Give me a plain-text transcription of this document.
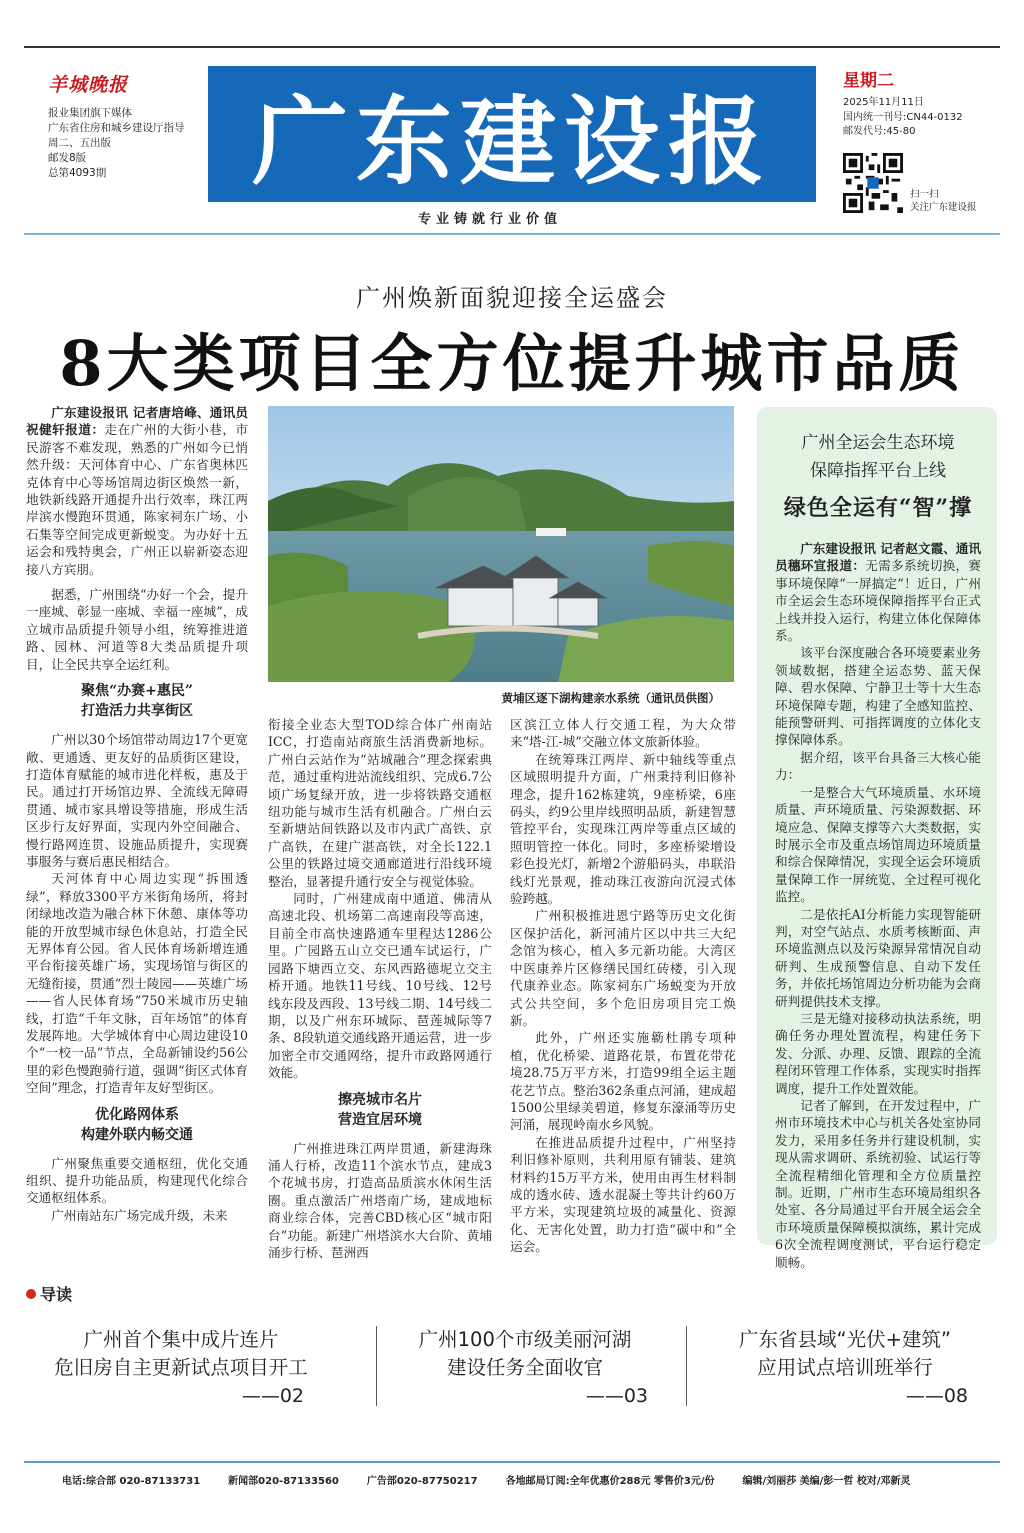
羊城晚报
报业集团旗下媒体
广东省住房和城乡建设厅指导
周二、五出版
邮发8版
总第4093期	广东建设报
专业铸就行业价值
星期二
2025年11月11日
国内统一刊号:CN44-0132
邮发代号:45-80
扫一扫
关注广东建设报
广州焕新面貌迎接全运盛会
8大类项目全方位提升城市品质

广东建设报讯 记者唐培峰、通讯员祝健轩报道：走在广州的大街小巷，市民游客不难发现，熟悉的广州如今已悄然升级：天河体育中心、广东省奥林匹克体育中心等场馆周边街区焕然一新，地铁新线路开通提升出行效率，珠江两岸滨水慢跑环贯通，陈家祠东广场、小石集等空间完成更新蜕变。为办好十五运会和残特奥会，广州正以崭新姿态迎接八方宾朋。

据悉，广州围绕“办好一个会，提升一座城、彰显一座城、幸福一座城”，成立城市品质提升领导小组，统筹推进道路、园林、河道等8大类品质提升项目，让全民共享全运红利。

聚焦“办赛+惠民”
打造活力共享街区

广州以30个场馆带动周边17个更宽敞、更通透、更友好的品质街区建设，打造体育赋能的城市进化样板，惠及于民。通过打开场馆边界、全流线无障碍贯通、城市家具增设等措施，形成生活区步行友好界面，实现内外空间融合、慢行路网连贯、设施品质提升，实现赛事服务与赛后惠民相结合。

天河体育中心周边实现“拆围透绿”，释放3300平方米街角场所，将封闭绿地改造为融合林下休憩、康体等功能的开放型城市绿色休息站，打造全民无界体育公园。省人民体育场新增连通平台衔接英雄广场，实现场馆与街区的无缝衔接，贯通“烈士陵园——英雄广场——省人民体育场”750米城市历史轴线，打造“千年文脉，百年场馆”的体育发展阵地。大学城体育中心周边建设10个“一校一品”节点，全岛新铺设约56公里的彩色慢跑骑行道，强调“街区式体育空间”理念，打造青年友好型街区。

优化路网体系
构建外联内畅交通

广州聚焦重要交通枢纽，优化交通组织、提升功能品质，构建现代化综合交通枢纽体系。

广州南站东广场完成升级，未来

黄埔区逐下湖构建亲水系统（通讯员供图）

衔接全业态大型TOD综合体广州南站ICC，打造南站商旅生活消费新地标。广州白云站作为“站城融合”理念探索典范，通过重构进站流线组织、完成6.7公顷广场复绿开放，进一步将铁路交通枢纽功能与城市生活有机融合。广州白云至新塘站间铁路以及市内武广高铁、京广高铁，在建广湛高铁，对全长122.1公里的铁路过境交通廊道进行沿线环境整治，显著提升通行安全与视觉体验。

同时，广州建成南中通道、佛清从高速北段、机场第二高速南段等高速，目前全市高快速路通车里程达1286公里。广园路五山立交已通车试运行，广园路下塘西立交、东风西路德坭立交主桥开通。地铁11号线、10号线、12号线东段及西段、13号线二期、14号线二期，以及广州东环城际、琶莲城际等7条、8段轨道交通线路开通运营，进一步加密全市交通网络，提升市政路网通行效能。

擦亮城市名片
营造宜居环境

广州推进珠江两岸贯通，新建海珠涌人行桥，改造11个滨水节点，建成3个花城书房，打造高品质滨水休闲生活圈。重点激活广州塔南广场，建成地标商业综合体，完善CBD核心区“城市阳台”功能。新建广州塔滨水大台阶、黄埔涌步行桥、琶洲西

区滨江立体人行交通工程，为大众带来“塔-江-城”交融立体文旅新体验。

在统筹珠江两岸、新中轴线等重点区域照明提升方面，广州秉持利旧修补理念，提升162栋建筑，9座桥梁，6座码头，约9公里岸线照明品质，新建智慧管控平台，实现珠江两岸等重点区域的照明管控一体化。同时，多座桥梁增设彩色投光灯，新增2个游船码头，串联沿线灯光景观，推动珠江夜游向沉浸式体验跨越。

广州积极推进恩宁路等历史文化街区保护活化，新河浦片区以中共三大纪念馆为核心，植入多元新功能。大湾区中医康养片区修缮民国红砖楼，引入现代康养业态。陈家祠东广场蜕变为开放式公共空间，多个危旧房项目完工焕新。

此外，广州还实施簕杜鹃专项种植，优化桥梁、道路花景，布置花带花境28.75万平方米，打造99组全运主题花艺节点。整治362条重点河涌，建成超1500公里绿美碧道，修复东濠涌等历史河涌，展现岭南水乡风貌。

在推进品质提升过程中，广州坚持利旧修补原则，共利用原有铺装、建筑材料约15万平方米，使用由再生材料制成的透水砖、透水混凝土等共计约60万平方米，实现建筑垃圾的减量化、资源化、无害化处置，助力打造“碳中和”全运会。

广州全运会生态环境
保障指挥平台上线
绿色全运有“智”撑

广东建设报讯 记者赵文霞、通讯员穗环宣报道：无需多系统切换，赛事环境保障“一屏搞定”！近日，广州市全运会生态环境保障指挥平台正式上线并投入运行，构建立体化保障体系。

该平台深度融合各环境要素业务领域数据，搭建全运态势、蓝天保障、碧水保障、宁静卫士等十大生态环境保障专题，构建了全感知监控、能预警研判、可指挥调度的立体化支撑保障体系。

据介绍，该平台具备三大核心能力：

一是整合大气环境质量、水环境质量、声环境质量、污染源数据、环境应急、保障支撑等六大类数据，实时展示全市及重点场馆周边环境质量和综合保障情况，实现全运会环境质量保障工作一屏统览、全过程可视化监控。

二是依托AI分析能力实现智能研判，对空气站点、水质考核断面、声环境监测点以及污染源异常情况自动研判、生成预警信息、自动下发任务，并依托场馆周边分析功能为会商研判提供技术支撑。

三是无缝对接移动执法系统，明确任务办理处置流程，构建任务下发、分派、办理、反馈、跟踪的全流程闭环管理工作体系，实现实时指挥调度，提升工作处置效能。

记者了解到，在开发过程中，广州市环境技术中心与机关各处室协同发力，采用多任务并行建设机制，实现从需求调研、系统初验、试运行等全流程精细化管理和全方位质量控制。近期，广州市生态环境局组织各处室、各分局通过平台开展全运会全市环境质量保障模拟演练，累计完成6次全流程调度测试，平台运行稳定顺畅。

导读
广州首个集中成片连片
危旧房自主更新试点项目开工
——02
广州100个市级美丽河湖
建设任务全面收官
——03
广东省县域“光伏+建筑”
应用试点培训班举行
——08
电话:综合部 020-87133731	新闻部020-87133560	广告部020-87750217	各地邮局订阅:全年优惠价288元 零售价3元/份	编辑/刘丽莎 美编/彭一哲 校对/邓新灵
